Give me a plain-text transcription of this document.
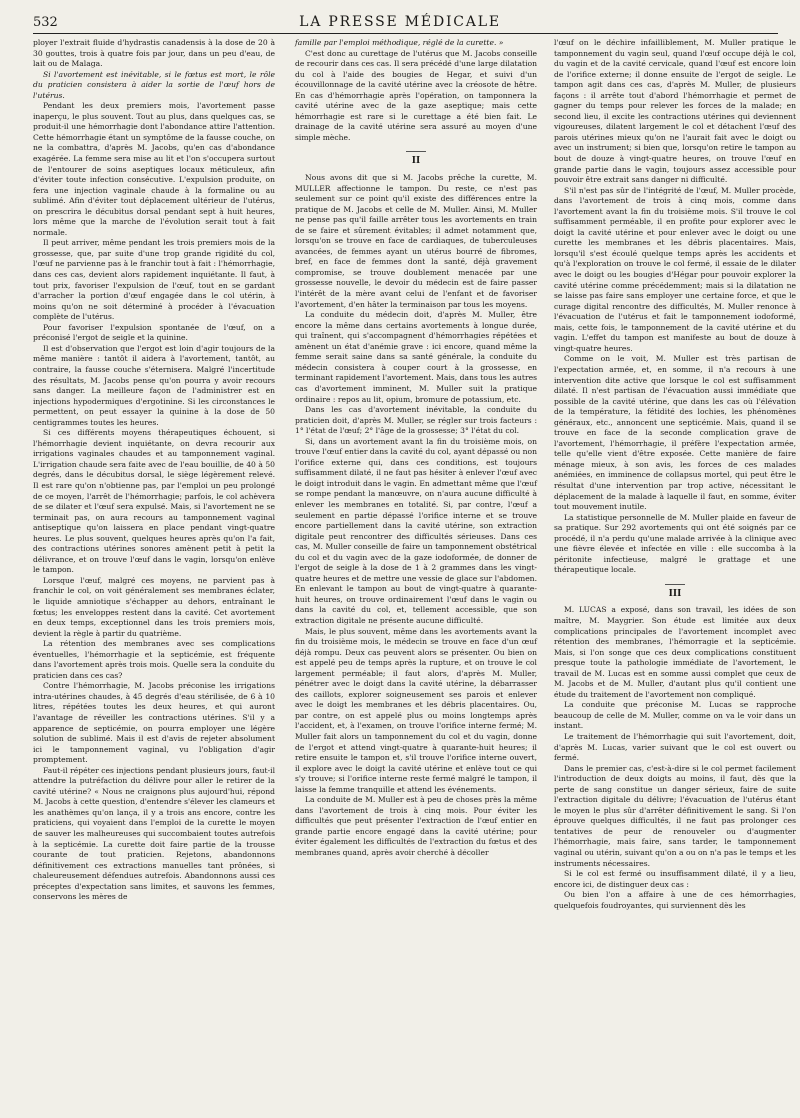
532	LA PRESSE MÉDICALE

ployer l'extrait fluide d'hydrastis canadensis à la dose de 20 à 30 gouttes, trois à quatre fois par jour, dans un peu d'eau, de lait ou de Malaga.

Si l'avortement est inévitable, si le fœtus est mort, le rôle du praticien consistera à aider la sortie de l'œuf hors de l'utérus.

Pendant les deux premiers mois, l'avortement passe inaperçu, le plus souvent. Tout au plus, dans quelques cas, se produit-il une hémorrhagie dont l'abondance attire l'attention. Cette hémorrhagie étant un symptôme de la fausse couche, on ne la combattra, d'après M. Jacobs, qu'en cas d'abondance exagérée. La femme sera mise au lit et l'on s'occupera surtout de l'entourer de soins aseptiques locaux méticuleux, afin d'éviter toute infection consécutive. L'expulsion produite, on fera une injection vaginale chaude à la formaline ou au sublimé. Afin d'éviter tout déplacement ultérieur de l'utérus, on prescrira le décubitus dorsal pendant sept à huit heures, lors même que la marche de l'évolution serait tout à fait normale.

Il peut arriver, même pendant les trois premiers mois de la grossesse, que, par suite d'une trop grande rigidité du col, l'œuf ne parvienne pas à le franchir tout à fait : l'hémorrhagie, dans ces cas, devient alors rapidement inquiétante. Il faut, à tout prix, favoriser l'expulsion de l'œuf, tout en se gardant d'arracher la portion d'œuf engagée dans le col utérin, à moins qu'on ne soit déterminé à procéder à l'évacuation complète de l'utérus.

Pour favoriser l'expulsion spontanée de l'œuf, on a préconisé l'ergot de seigle et la quinine.

Il est d'observation que l'ergot est loin d'agir toujours de la même manière : tantôt il aidera à l'avortement, tantôt, au contraire, la fausse couche s'éternisera. Malgré l'incertitude des résultats, M. Jacobs pense qu'on pourra y avoir recours sans danger. La meilleure façon de l'administrer est en injections hypodermiques d'ergotinine. Si les circonstances le permettent, on peut essayer la quinine à la dose de 50 centigrammes toutes les heures.

Si ces différents moyens thérapeutiques échouent, si l'hémorrhagie devient inquiétante, on devra recourir aux irrigations vaginales chaudes et au tamponnement vaginal. L'irrigation chaude sera faite avec de l'eau bouillie, de 40 à 50 degrés, dans le décubitus dorsal, le siège légèrement relevé. Il est rare qu'on n'obtienne pas, par l'emploi un peu prolongé de ce moyen, l'arrêt de l'hémorrhagie; parfois, le col achèvera de se dilater et l'œuf sera expulsé. Mais, si l'avortement ne se terminait pas, on aura recours au tamponnement vaginal antiseptique qu'on laissera en place pendant vingt-quatre heures. Le plus souvent, quelques heures après qu'on l'a fait, des contractions utérines sonores amènent petit à petit la délivrance, et on trouve l'œuf dans le vagin, lorsqu'on enlève le tampon.

Lorsque l'œuf, malgré ces moyens, ne parvient pas à franchir le col, on voit généralement ses membranes éclater, le liquide amniotique s'échapper au dehors, entraînant le fœtus; les enveloppes restent dans la cavité. Cet avortement en deux temps, exceptionnel dans les trois premiers mois, devient la règle à partir du quatrième.

La rétention des membranes avec ses complications éventuelles, l'hémorrhagie et la septicémie, est fréquente dans l'avortement après trois mois. Quelle sera la conduite du praticien dans ces cas?

Contre l'hémorrhagie, M. Jacobs préconise les irrigations intra-utérines chaudes, à 45 degrés d'eau stérilisée, de 6 à 10 litres, répétées toutes les deux heures, et qui auront l'avantage de réveiller les contractions utérines. S'il y a apparence de septicémie, on pourra employer une légère solution de sublimé. Mais il est d'avis de rejeter absolument ici le tamponnement vaginal, vu l'obligation d'agir promptement.

Faut-il répéter ces injections pendant plusieurs jours, faut-il attendre la putréfaction du délivre pour aller le retirer de la cavité utérine? « Nous ne craignons plus aujourd'hui, répond M. Jacobs à cette question, d'entendre s'élever les clameurs et les anathèmes qu'on lança, il y a trois ans encore, contre les praticiens, qui voyaient dans l'emploi de la curette le moyen de sauver les malheureuses qui succombaient toutes autrefois à la septicémie. La curette doit faire partie de la trousse courante de tout praticien. Rejetons, abandonnons définitivement ces extractions manuelles tant prônées, si chaleureusement défendues autrefois. Abandonnons aussi ces préceptes d'expectation sans limites, et sauvons les femmes, conservons les mères de

famille par l'emploi méthodique, réglé de la curette. »

C'est donc au curettage de l'utérus que M. Jacobs conseille de recourir dans ces cas. Il sera précédé d'une large dilatation du col à l'aide des bougies de Hegar, et suivi d'un écouvillonnage de la cavité utérine avec la créosote de hêtre. En cas d'hémorrhagie après l'opération, on tamponnera la cavité utérine avec de la gaze aseptique; mais cette hémorrhagie est rare si le curettage a été bien fait. Le drainage de la cavité utérine sera assuré au moyen d'une simple mèche.

II

Nous avons dit que si M. Jacobs prêche la curette, M. MULLER affectionne le tampon. Du reste, ce n'est pas seulement sur ce point qu'il existe des différences entre la pratique de M. Jacobs et celle de M. Muller. Ainsi, M. Muller ne pense pas qu'il faille arrêter tous les avortements en train de se faire et sûrement évitables; il admet notamment que, lorsqu'on se trouve en face de cardiaques, de tuberculeuses avancées, de femmes ayant un utérus bourré de fibromes, bref, en face de femmes dont la santé, déjà gravement compromise, se trouve doublement menacée par une grossesse nouvelle, le devoir du médecin est de faire passer l'intérêt de la mère avant celui de l'enfant et de favoriser l'avortement, d'en hâter la terminaison par tous les moyens.

La conduite du médecin doit, d'après M. Muller, être encore la même dans certains avortements à longue durée, qui traînent, qui s'accompagnent d'hémorrhagies répétées et amènent un état d'anémie grave : ici encore, quand même la femme serait saine dans sa santé générale, la conduite du médecin consistera à couper court à la grossesse, en terminant rapidement l'avortement. Mais, dans tous les autres cas d'avortement imminent, M. Muller suit la pratique ordinaire : repos au lit, opium, bromure de potassium, etc.

Dans les cas d'avortement inévitable, la conduite du praticien doit, d'après M. Muller, se régler sur trois facteurs : 1° l'état de l'œuf; 2° l'âge de la grossesse; 3° l'état du col.

Si, dans un avortement avant la fin du troisième mois, on trouve l'œuf entier dans la cavité du col, ayant dépassé ou non l'orifice externe qui, dans ces conditions, est toujours suffisamment dilaté, il ne faut pas hésiter à enlever l'œuf avec le doigt introduit dans le vagin. En admettant même que l'œuf se rompe pendant la manœuvre, on n'aura aucune difficulté à enlever les membranes en totalité. Si, par contre, l'œuf a seulement en partie dépassé l'orifice interne et se trouve encore partiellement dans la cavité utérine, son extraction digitale peut rencontrer des difficultés sérieuses. Dans ces cas, M. Muller conseille de faire un tamponnement obstétrical du col et du vagin avec de la gaze iodoformée, de donner de l'ergot de seigle à la dose de 1 à 2 grammes dans les vingt-quatre heures et de mettre une vessie de glace sur l'abdomen. En enlevant le tampon au bout de vingt-quatre à quarante-huit heures, on trouve ordinairement l'œuf dans le vagin ou dans la cavité du col, et, tellement accessible, que son extraction digitale ne présente aucune difficulté.

Mais, le plus souvent, même dans les avortements avant la fin du troisième mois, le médecin se trouve en face d'un œuf déjà rompu. Deux cas peuvent alors se présenter. Ou bien on est appelé peu de temps après la rupture, et on trouve le col largement perméable; il faut alors, d'après M. Muller, pénétrer avec le doigt dans la cavité utérine, la débarrasser des caillots, explorer soigneusement ses parois et enlever avec le doigt les membranes et les débris placentaires. Ou, par contre, on est appelé plus ou moins longtemps après l'accident, et, à l'examen, on trouve l'orifice interne fermé; M. Muller fait alors un tamponnement du col et du vagin, donne de l'ergot et attend vingt-quatre à quarante-huit heures; il retire ensuite le tampon et, s'il trouve l'orifice interne ouvert, il explore avec le doigt la cavité utérine et enlève tout ce qui s'y trouve; si l'orifice interne reste fermé malgré le tampon, il laisse la femme tranquille et attend les événements.

La conduite de M. Muller est à peu de choses près la même dans l'avortement de trois à cinq mois. Pour éviter les difficultés que peut présenter l'extraction de l'œuf entier en grande partie encore engagé dans la cavité utérine; pour éviter également les difficultés de l'extraction du fœtus et des membranes quand, après avoir cherché à décoller

l'œuf on le déchire infailliblement, M. Muller pratique le tamponnement du vagin seul, quand l'œuf occupe déjà le col, du vagin et de la cavité cervicale, quand l'œuf est encore loin de l'orifice externe; il donne ensuite de l'ergot de seigle. Le tampon agit dans ces cas, d'après M. Muller, de plusieurs façons : il arrête tout d'abord l'hémorrhagie et permet de gagner du temps pour relever les forces de la malade; en second lieu, il excite les contractions utérines qui deviennent vigoureuses, dilatent largement le col et détachent l'œuf des parois utérines mieux qu'on ne l'aurait fait avec le doigt ou avec un instrument; si bien que, lorsqu'on retire le tampon au bout de douze à vingt-quatre heures, on trouve l'œuf en grande partie dans le vagin, toujours assez accessible pour pouvoir être extrait sans danger ni difficulté.

S'il n'est pas sûr de l'intégrité de l'œuf, M. Muller procède, dans l'avortement de trois à cinq mois, comme dans l'avortement avant la fin du troisième mois. S'il trouve le col suffisamment perméable, il en profite pour explorer avec le doigt la cavité utérine et pour enlever avec le doigt ou une curette les membranes et les débris placentaires. Mais, lorsqu'il s'est écoulé quelque temps après les accidents et qu'à l'exploration on trouve le col fermé, il essaie de le dilater avec le doigt ou les bougies d'Hégar pour pouvoir explorer la cavité utérine comme précédemment; mais si la dilatation ne se laisse pas faire sans employer une certaine force, et que le curage digital rencontre des difficultés, M. Muller renonce à l'évacuation de l'utérus et fait le tamponnement iodoformé, mais, cette fois, le tamponnement de la cavité utérine et du vagin. L'effet du tampon est manifeste au bout de douze à vingt-quatre heures.

Comme on le voit, M. Muller est très partisan de l'expectation armée, et, en somme, il n'a recours à une intervention dite active que lorsque le col est suffisamment dilaté. Il n'est partisan de l'évacuation aussi immédiate que possible de la cavité utérine, que dans les cas où l'élévation de la température, la fétidité des lochies, les phénomènes généraux, etc., annoncent une septicémie. Mais, quand il se trouve en face de la seconde complication grave de l'avortement, l'hémorrhagie, il préfère l'expectation armée, telle qu'elle vient d'être exposée. Cette manière de faire ménage mieux, à son avis, les forces de ces malades anémiées, en imminence de collapsus mortel, qui peut être le résultat d'une intervention par trop active, nécessitant le déplacement de la malade à laquelle il faut, en somme, éviter tout mouvement inutile.

La statistique personnelle de M. Muller plaide en faveur de sa pratique. Sur 292 avortements qui ont été soignés par ce procédé, il n'a perdu qu'une malade arrivée à la clinique avec une fièvre élevée et infectée en ville : elle succomba à la péritonite infectieuse, malgré le grattage et une thérapeutique locale.

III

M. LUCAS a exposé, dans son travail, les idées de son maître, M. Maygrier. Son étude est limitée aux deux complications principales de l'avortement incomplet avec rétention des membranes, l'hémorragie et la septicémie. Mais, si l'on songe que ces deux complications constituent presque toute la pathologie immédiate de l'avortement, le travail de M. Lucas est en somme aussi complet que ceux de M. Jacobs et de M. Muller, d'autant plus qu'il contient une étude du traitement de l'avortement non compliqué.

La conduite que préconise M. Lucas se rapproche beaucoup de celle de M. Muller, comme on va le voir dans un instant.

Le traitement de l'hémorrhagie qui suit l'avortement, doit, d'après M. Lucas, varier suivant que le col est ouvert ou fermé.

Dans le premier cas, c'est-à-dire si le col permet facilement l'introduction de deux doigts au moins, il faut, dès que la perte de sang constitue un danger sérieux, faire de suite l'extraction digitale du délivre; l'évacuation de l'utérus étant le moyen le plus sûr d'arrêter définitivement le sang. Si l'on éprouve quelques difficultés, il ne faut pas prolonger ces tentatives de peur de renouveler ou d'augmenter l'hémorrhagie, mais faire, sans tarder, le tamponnement vaginal ou utérin, suivant qu'on a ou on n'a pas le temps et les instruments nécessaires.

Si le col est fermé ou insuffisamment dilaté, il y a lieu, encore ici, de distinguer deux cas :

Ou bien l'on a affaire à une de ces hémorrhagies, quelquefois foudroyantes, qui surviennent dès les
